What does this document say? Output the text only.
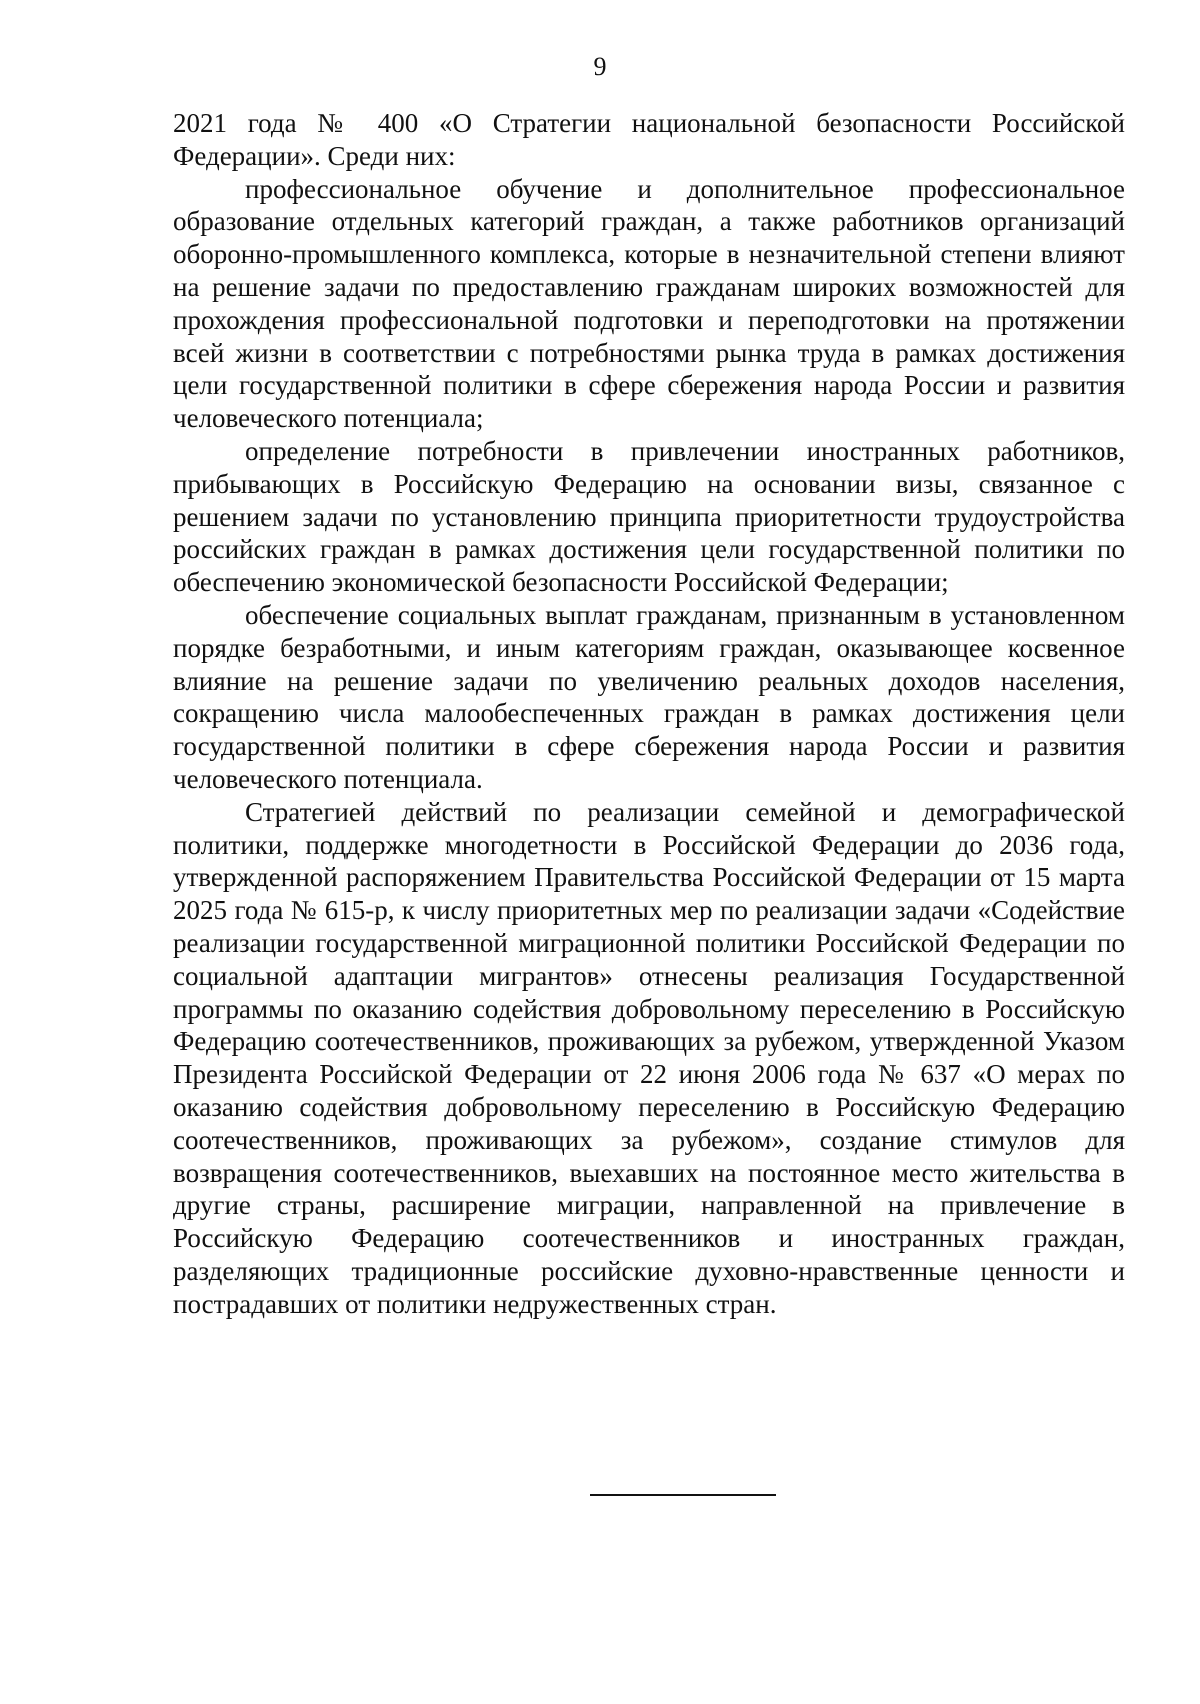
9

2021 года № 400 «О Стратегии национальной безопасности Российской Федерации». Среди них:

профессиональное обучение и дополнительное профессиональное образование отдельных категорий граждан, а также работников организаций оборонно-промышленного комплекса, которые в незначительной степени влияют на решение задачи по предоставлению гражданам широких возможностей для прохождения профессиональной подготовки и переподготовки на протяжении всей жизни в соответствии с потребностями рынка труда в рамках достижения цели государственной политики в сфере сбережения народа России и развития человеческого потенциала;

определение потребности в привлечении иностранных работников, прибывающих в Российскую Федерацию на основании визы, связанное с решением задачи по установлению принципа приоритетности трудоустройства российских граждан в рамках достижения цели государственной политики по обеспечению экономической безопасности Российской Федерации;

обеспечение социальных выплат гражданам, признанным в установленном порядке безработными, и иным категориям граждан, оказывающее косвенное влияние на решение задачи по увеличению реальных доходов населения, сокращению числа малообеспеченных граждан в рамках достижения цели государственной политики в сфере сбережения народа России и развития человеческого потенциала.

Стратегией действий по реализации семейной и демографической политики, поддержке многодетности в Российской Федерации до 2036 года, утвержденной распоряжением Правительства Российской Федерации от 15 марта 2025 года № 615-р, к числу приоритетных мер по реализации задачи «Содействие реализации государственной миграционной политики Российской Федерации по социальной адаптации мигрантов» отнесены реализация Государственной программы по оказанию содействия добровольному переселению в Российскую Федерацию соотечественников, проживающих за рубежом, утвержденной Указом Президента Российской Федерации от 22 июня 2006 года № 637 «О мерах по оказанию содействия добровольному переселению в Российскую Федерацию соотечественников, проживающих за рубежом», создание стимулов для возвращения соотечественников, выехавших на постоянное место жительства в другие страны, расширение миграции, направленной на привлечение в Российскую Федерацию соотечественников и иностранных граждан, разделяющих традиционные российские духовно-нравственные ценности и пострадавших от политики недружественных стран.
